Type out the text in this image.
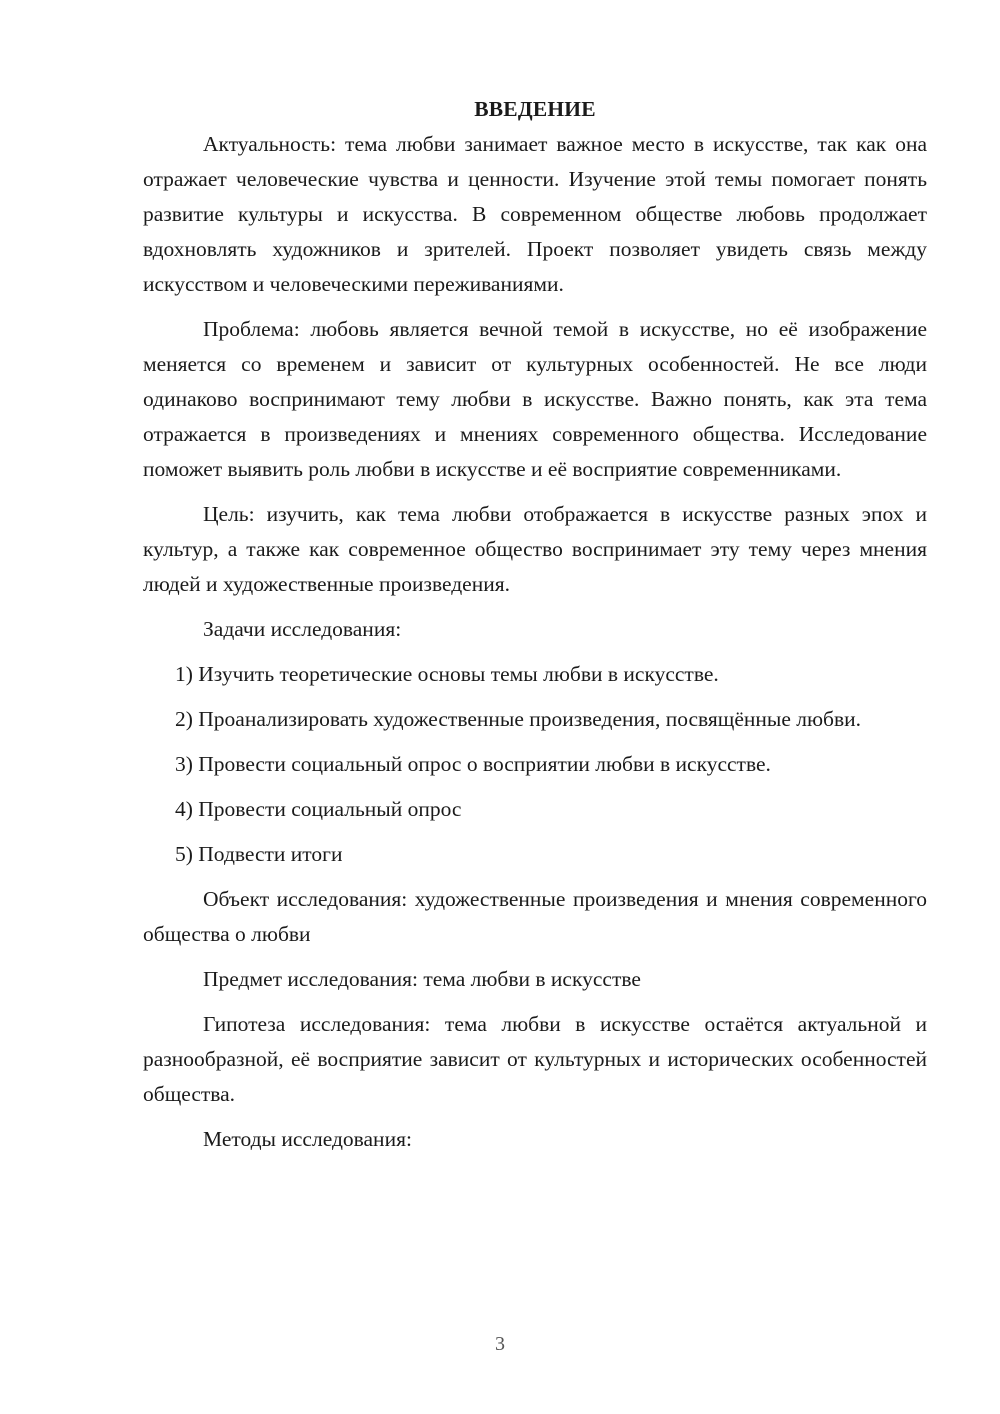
ВВЕДЕНИЕ

Актуальность: тема любви занимает важное место в искусстве, так как она отражает человеческие чувства и ценности. Изучение этой темы помогает понять развитие культуры и искусства. В современном обществе любовь продолжает вдохновлять художников и зрителей. Проект позволяет увидеть связь между искусством и человеческими переживаниями.

Проблема: любовь является вечной темой в искусстве, но её изображение меняется со временем и зависит от культурных особенностей. Не все люди одинаково воспринимают тему любви в искусстве. Важно понять, как эта тема отражается в произведениях и мнениях современного общества. Исследование поможет выявить роль любви в искусстве и её восприятие современниками.

Цель: изучить, как тема любви отображается в искусстве разных эпох и культур, а также как современное общество воспринимает эту тему через мнения людей и художественные произведения.

Задачи исследования:

1) Изучить теоретические основы темы любви в искусстве.

2) Проанализировать художественные произведения, посвящённые любви.

3) Провести социальный опрос о восприятии любви в искусстве.

4) Провести социальный опрос

5) Подвести итоги

Объект исследования: художественные произведения и мнения современного общества о любви

Предмет исследования: тема любви в искусстве

Гипотеза исследования: тема любви в искусстве остаётся актуальной и разнообразной, её восприятие зависит от культурных и исторических особенностей общества.

Методы исследования:

3
